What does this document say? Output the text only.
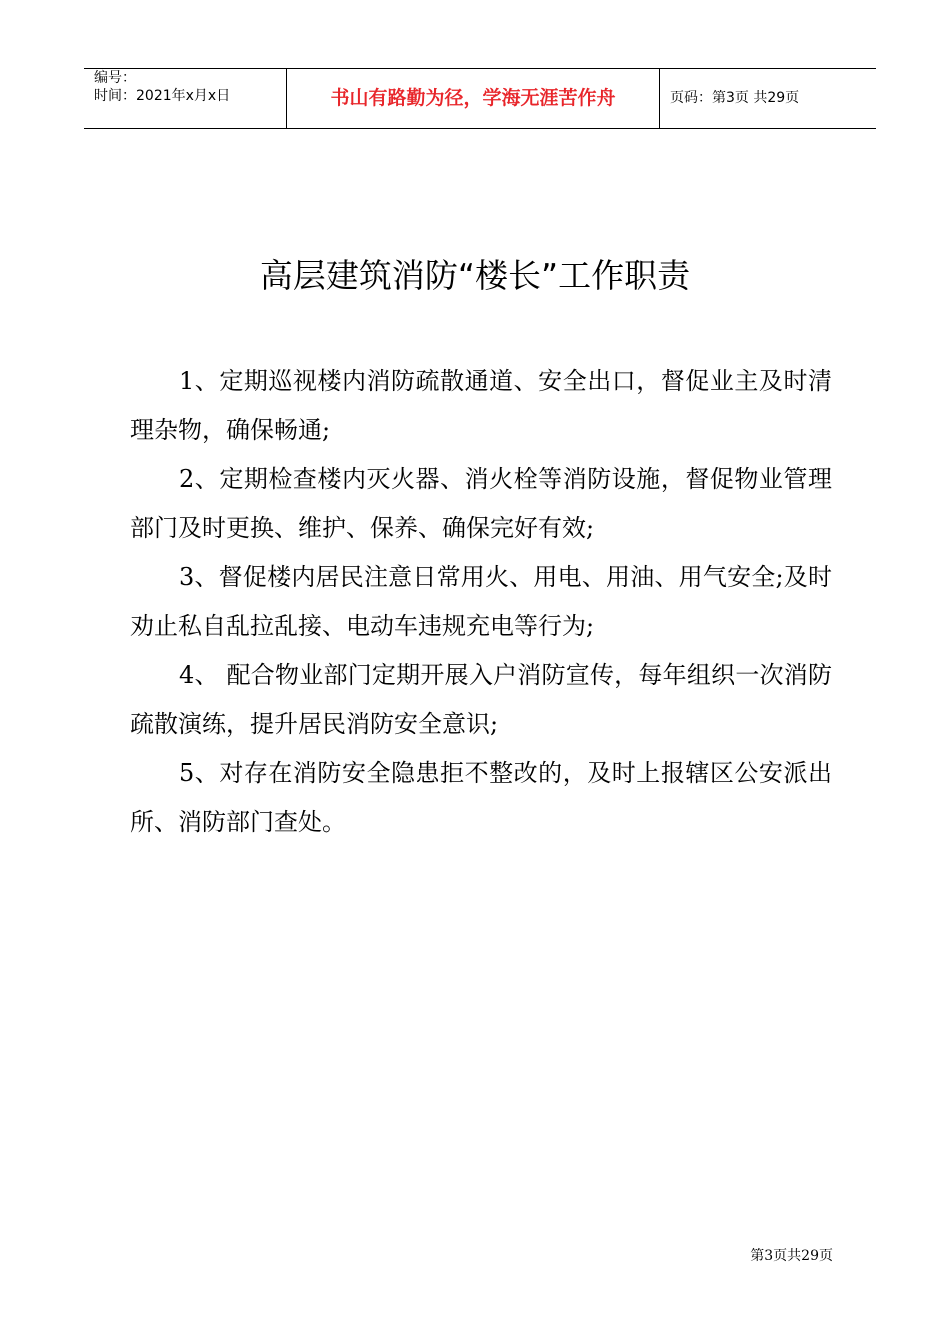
编号：
时间：2021年x月x日	书山有路勤为径，学海无涯苦作舟	页码：第3页 共29页
高层建筑消防“楼长”工作职责

1、定期巡视楼内消防疏散通道、安全出口，督促业主及时清理杂物，确保畅通;

2、定期检查楼内灭火器、消火栓等消防设施，督促物业管理部门及时更换、维护、保养、确保完好有效;

3、督促楼内居民注意日常用火、用电、用油、用气安全;及时劝止私自乱拉乱接、电动车违规充电等行为;

4、 配合物业部门定期开展入户消防宣传，每年组织一次消防疏散演练，提升居民消防安全意识;

5、对存在消防安全隐患拒不整改的，及时上报辖区公安派出所、消防部门查处。

第3页共29页
